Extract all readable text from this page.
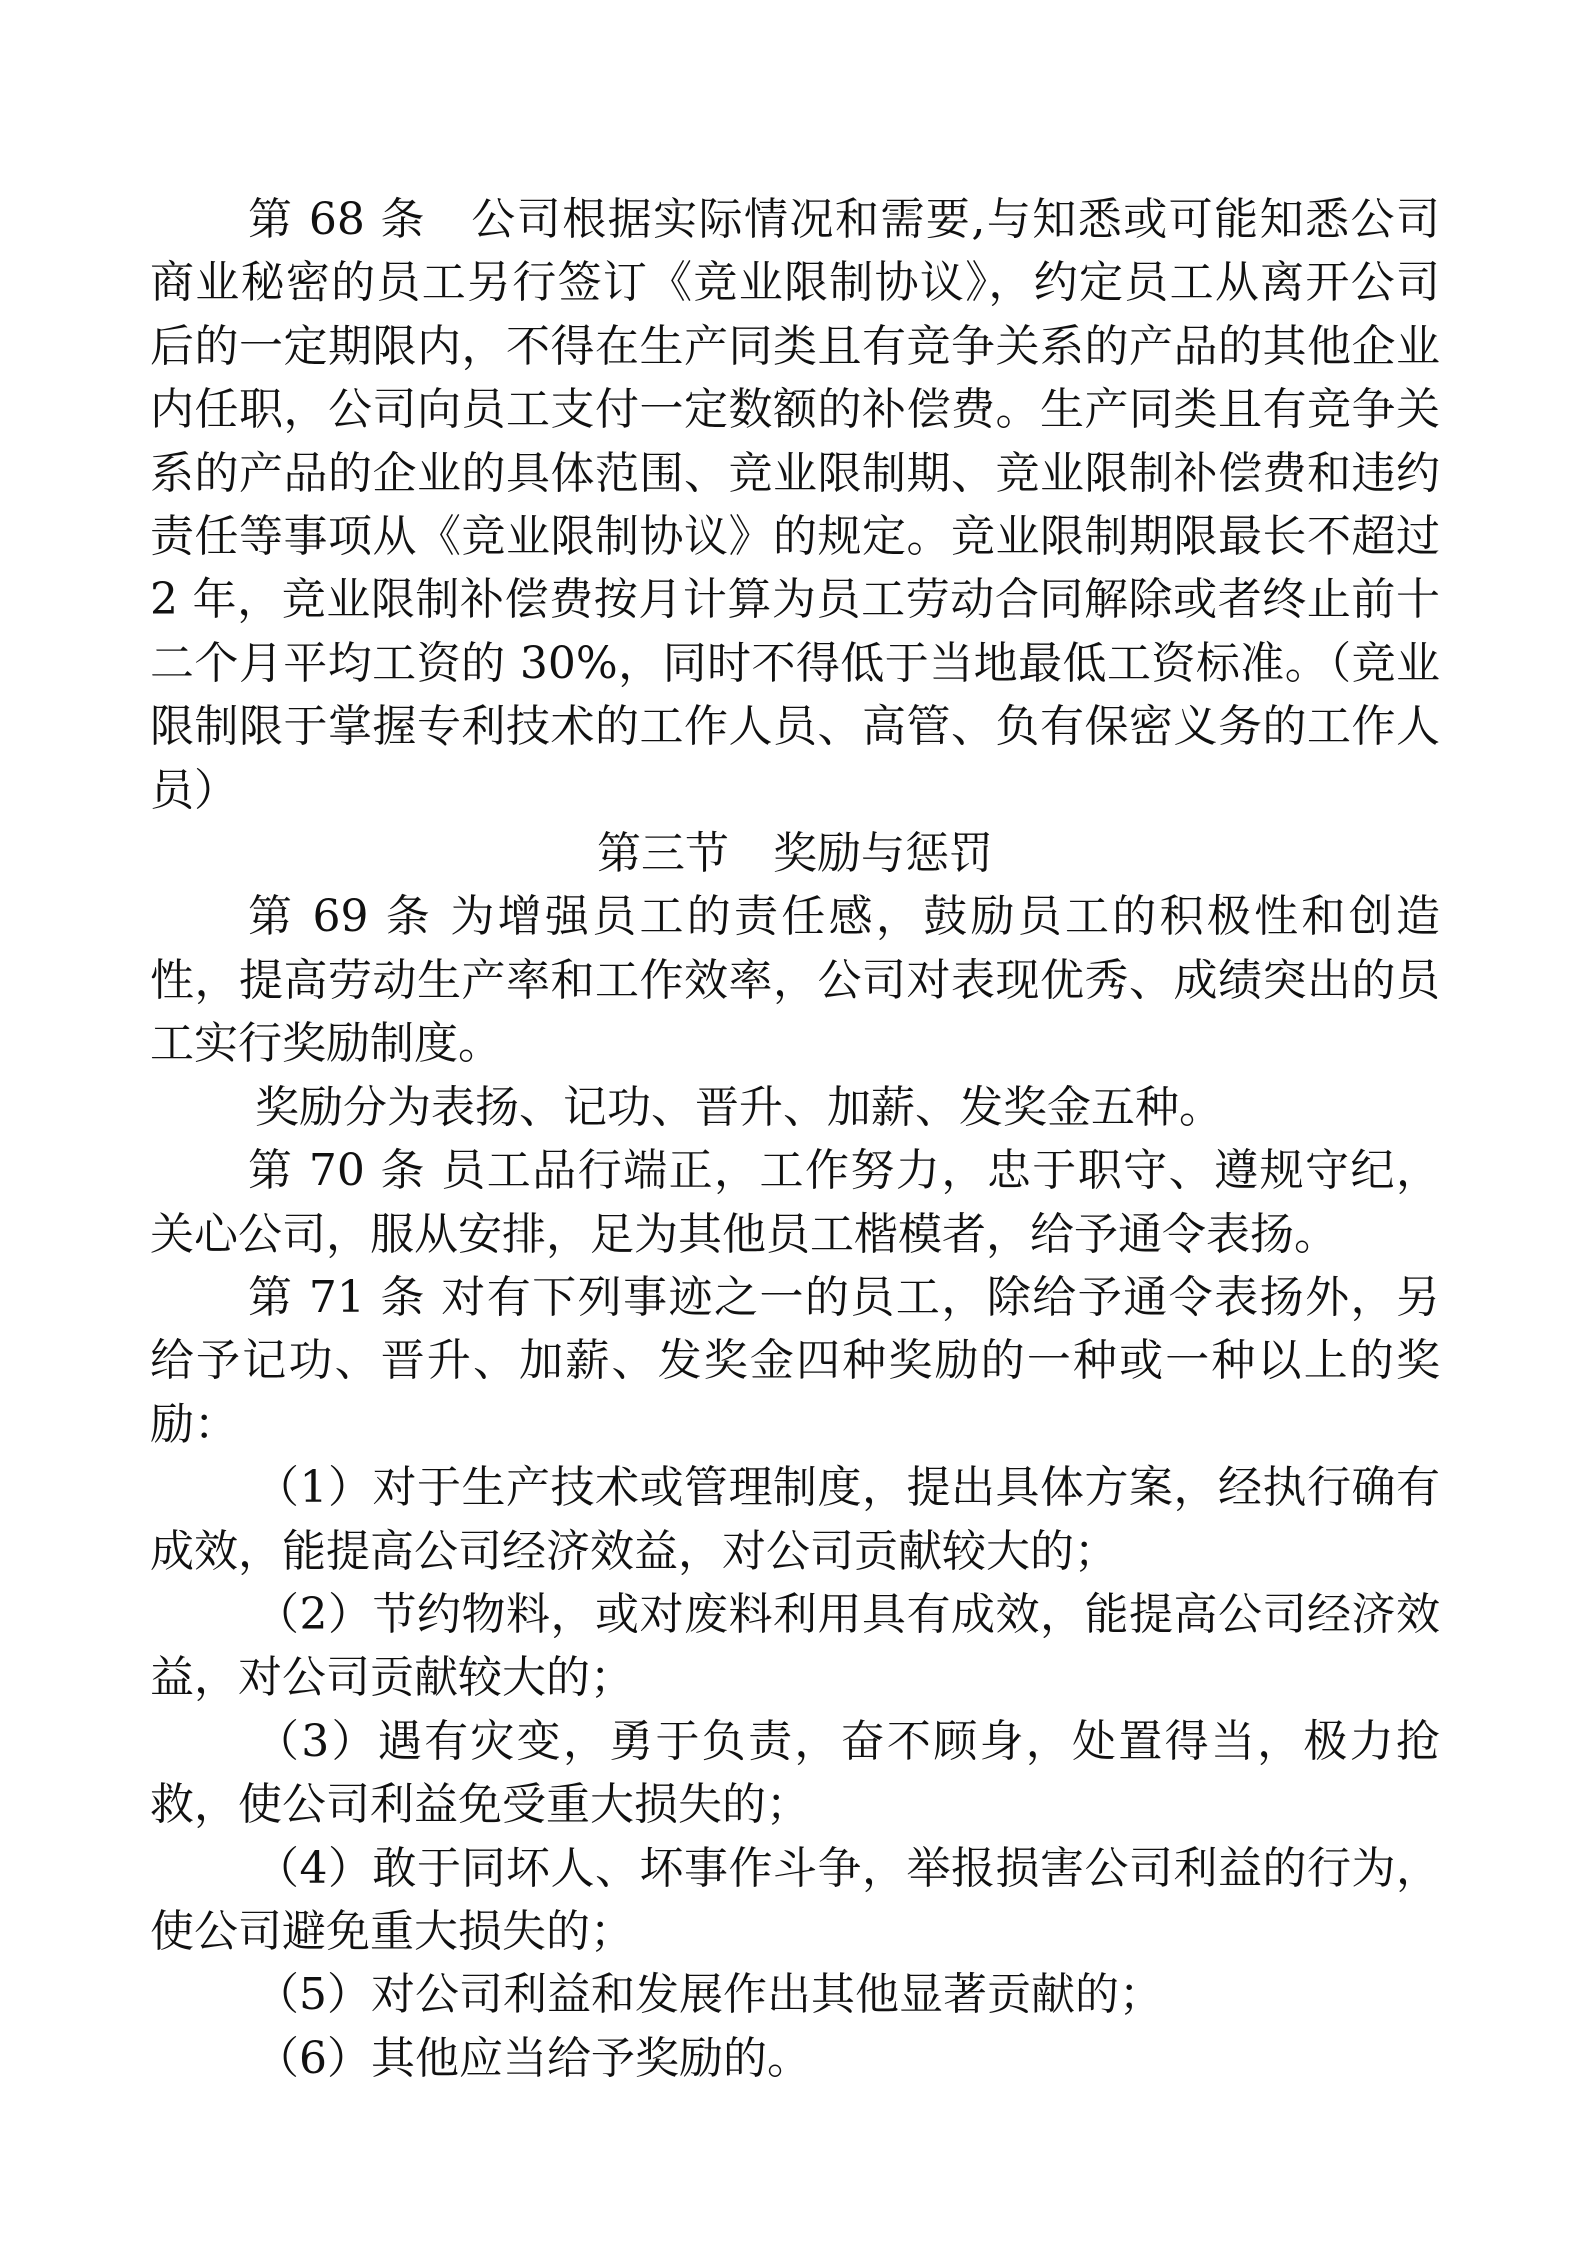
第 68 条　公司根据实际情况和需要,与知悉或可能知悉公司商业秘密的员工另行签订《竞业限制协议》，约定员工从离开公司后的一定期限内，不得在生产同类且有竞争关系的产品的其他企业内任职，公司向员工支付一定数额的补偿费。生产同类且有竞争关系的产品的企业的具体范围、竞业限制期、竞业限制补偿费和违约责任等事项从《竞业限制协议》的规定。竞业限制期限最长不超过 2 年，竞业限制补偿费按月计算为员工劳动合同解除或者终止前十二个月平均工资的 30%，同时不得低于当地最低工资标准。（竞业限制限于掌握专利技术的工作人员、高管、负有保密义务的工作人员）

第三节　奖励与惩罚

第 69 条 为增强员工的责任感，鼓励员工的积极性和创造性，提高劳动生产率和工作效率，公司对表现优秀、成绩突出的员工实行奖励制度。

奖励分为表扬、记功、晋升、加薪、发奖金五种。

第 70 条 员工品行端正，工作努力，忠于职守、遵规守纪，关心公司，服从安排，足为其他员工楷模者，给予通令表扬。

第 71 条 对有下列事迹之一的员工，除给予通令表扬外，另给予记功、晋升、加薪、发奖金四种奖励的一种或一种以上的奖励：

（1）对于生产技术或管理制度，提出具体方案，经执行确有成效，能提高公司经济效益，对公司贡献较大的；

（2）节约物料，或对废料利用具有成效，能提高公司经济效益，对公司贡献较大的；

（3）遇有灾变，勇于负责，奋不顾身，处置得当，极力抢救，使公司利益免受重大损失的；

（4）敢于同坏人、坏事作斗争，举报损害公司利益的行为，使公司避免重大损失的；

（5）对公司利益和发展作出其他显著贡献的；

（6）其他应当给予奖励的。
